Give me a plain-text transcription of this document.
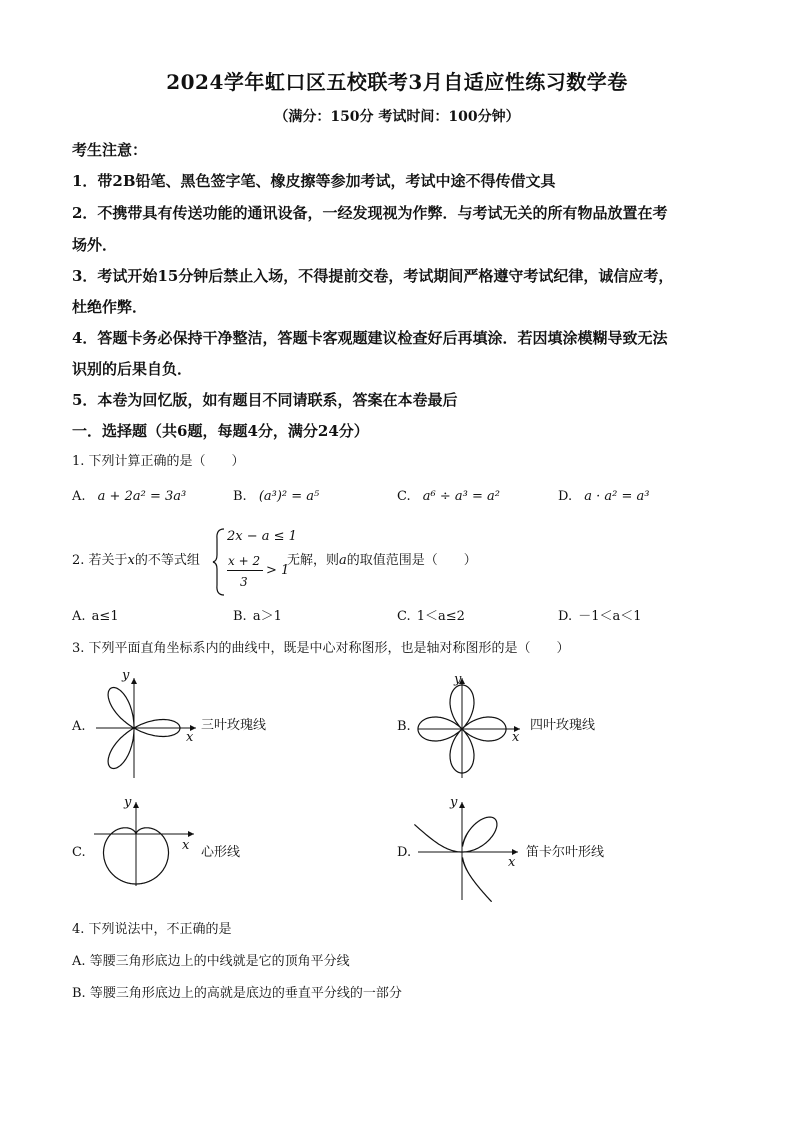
2024学年虹口区五校联考3月自适应性练习数学卷
（满分：150分 考试时间：100分钟）
考生注意：
1．带2B铅笔、黑色签字笔、橡皮擦等参加考试，考试中途不得传借文具
2．不携带具有传送功能的通讯设备，一经发现视为作弊．与考试无关的所有物品放置在考
场外．
3．考试开始15分钟后禁止入场，不得提前交卷，考试期间严格遵守考试纪律，诚信应考，
杜绝作弊．
4．答题卡务必保持干净整洁，答题卡客观题建议检查好后再填涂．若因填涂模糊导致无法
识别的后果自负．
5．本卷为回忆版，如有题目不同请联系，答案在本卷最后
一．选择题（共6题，每题4分，满分24分）
1. 下列计算正确的是（　　）
A. a + 2a² = 3a³	B. (a³)² = a⁵	C. a⁶ ÷ a³ = a²	D. a · a² = a³
2. 若关于x的不等式组
2x − a ≤ 1
x + 2
3
> 1
无解，则a的取值范围是（　　）
A. a≤1	B. a＞1	C. 1＜a≤2	D. －1＜a＜1
3. 下列平面直角坐标系内的曲线中，既是中心对称图形，也是轴对称图形的是（　　）
A.
y
x
三叶玫瑰线	B.
y
x
四叶玫瑰线
C.
y
x 心形线	D.
y
x
笛卡尔叶形线
4. 下列说法中，不正确的是
A. 等腰三角形底边上的中线就是它的顶角平分线
B. 等腰三角形底边上的高就是底边的垂直平分线的一部分
